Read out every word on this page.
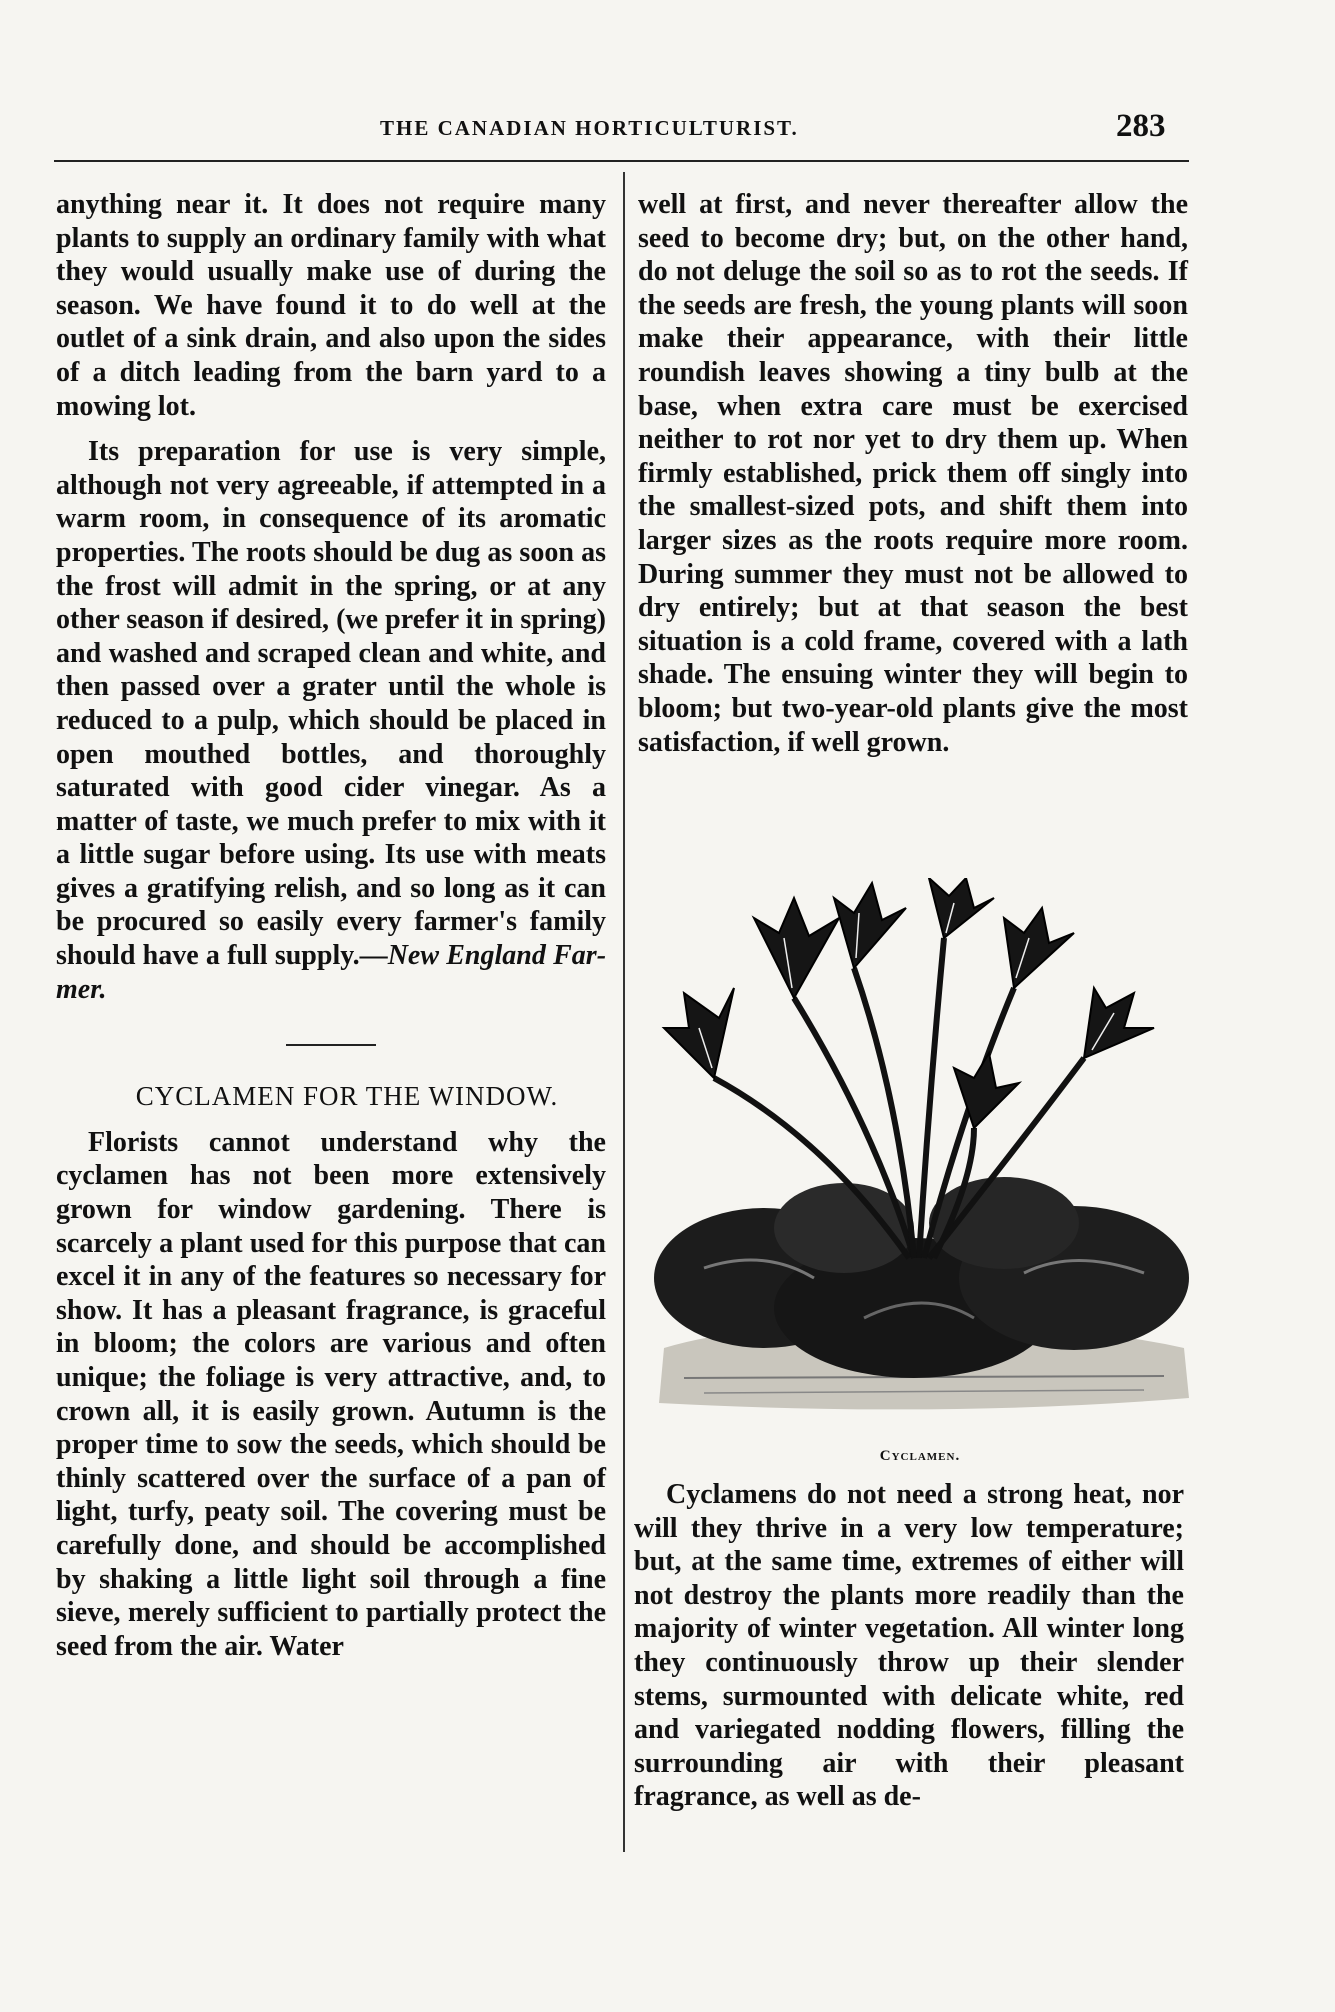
THE CANADIAN HORTICULTURIST.	283

anything near it. It does not require many plants to supply an ordinary family with what they would usually make use of during the season. We have found it to do well at the outlet of a sink drain, and also upon the sides of a ditch leading from the barn yard to a mowing lot.

Its preparation for use is very simple, although not very agreeable, if attempted in a warm room, in consequence of its aromatic properties. The roots should be dug as soon as the frost will admit in the spring, or at any other season if desired, (we prefer it in spring) and washed and scraped clean and white, and then passed over a grater until the whole is reduced to a pulp, which should be placed in open mouthed bottles, and thoroughly saturated with good cider vinegar. As a matter of taste, we much prefer to mix with it a little sugar before using. Its use with meats gives a gratifying relish, and so long as it can be procured so easily every farmer's family should have a full supply.—New England Farmer.

CYCLAMEN FOR THE WINDOW.

Florists cannot understand why the cyclamen has not been more extensively grown for window gardening. There is scarcely a plant used for this purpose that can excel it in any of the features so necessary for show. It has a pleasant fragrance, is graceful in bloom; the colors are various and often unique; the foliage is very attractive, and, to crown all, it is easily grown. Autumn is the proper time to sow the seeds, which should be thinly scattered over the surface of a pan of light, turfy, peaty soil. The covering must be carefully done, and should be accomplished by shaking a little light soil through a fine sieve, merely sufficient to partially protect the seed from the air. Water

well at first, and never thereafter allow the seed to become dry; but, on the other hand, do not deluge the soil so as to rot the seeds. If the seeds are fresh, the young plants will soon make their appearance, with their little roundish leaves showing a tiny bulb at the base, when extra care must be exercised neither to rot nor yet to dry them up. When firmly established, prick them off singly into the smallest-sized pots, and shift them into larger sizes as the roots require more room. During summer they must not be allowed to dry entirely; but at that season the best situation is a cold frame, covered with a lath shade. The ensuing winter they will begin to bloom; but two-year-old plants give the most satisfaction, if well grown.

Cyclamen.

Cyclamens do not need a strong heat, nor will they thrive in a very low temperature; but, at the same time, extremes of either will not destroy the plants more readily than the majority of winter vegetation. All winter long they continuously throw up their slender stems, surmounted with delicate white, red and variegated nodding flowers, filling the surrounding air with their pleasant fragrance, as well as de-
